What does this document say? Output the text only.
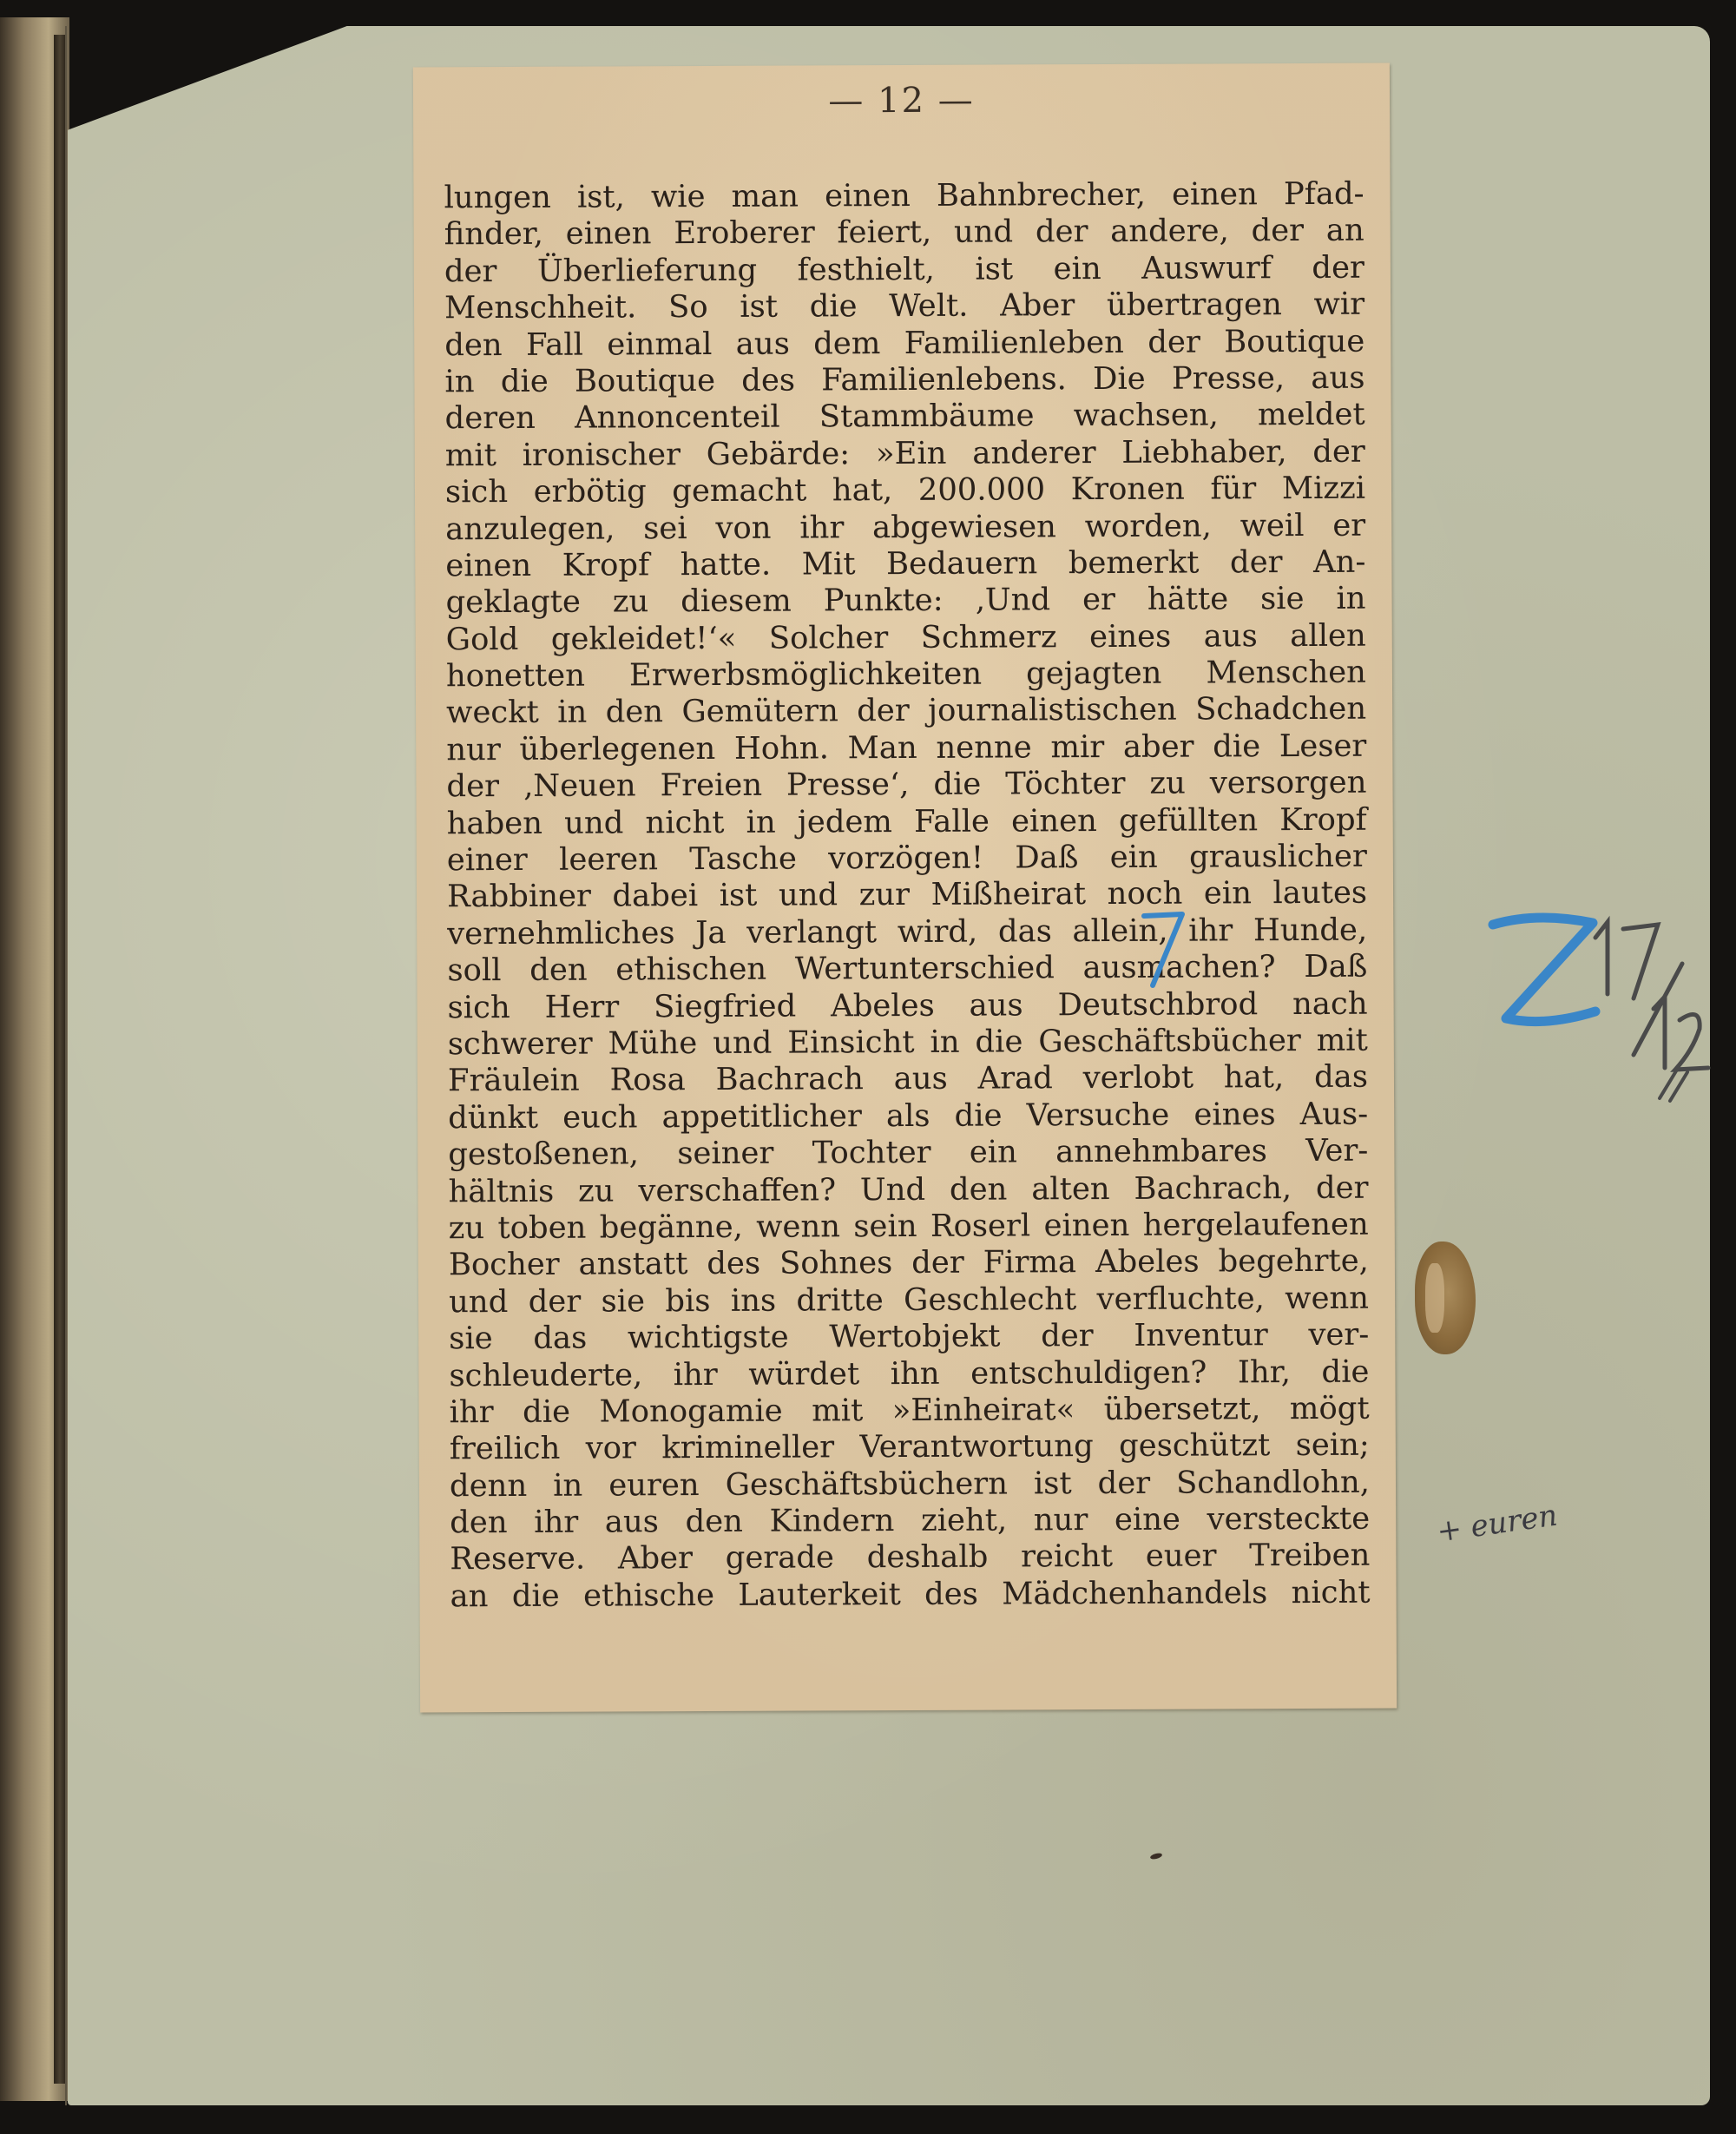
— 12 —
lungen ist, wie man einen Bahnbrecher, einen Pfad-
finder, einen Eroberer feiert, und der andere, der an
der Überlieferung festhielt, ist ein Auswurf der
Menschheit. So ist die Welt. Aber übertragen wir
den Fall einmal aus dem Familienleben der Boutique
in die Boutique des Familienlebens. Die Presse, aus
deren Annoncenteil Stammbäume wachsen, meldet
mit ironischer Gebärde: »Ein anderer Liebhaber, der
sich erbötig gemacht hat, 200.000 Kronen für Mizzi
anzulegen, sei von ihr abgewiesen worden, weil er
einen Kropf hatte. Mit Bedauern bemerkt der An-
geklagte zu diesem Punkte: ‚Und er hätte sie in
Gold gekleidet!‘« Solcher Schmerz eines aus allen
honetten Erwerbsmöglichkeiten gejagten Menschen
weckt in den Gemütern der journalistischen Schadchen
nur überlegenen Hohn. Man nenne mir aber die Leser
der ‚Neuen Freien Presse‘, die Töchter zu versorgen
haben und nicht in jedem Falle einen gefüllten Kropf
einer leeren Tasche vorzögen! Daß ein grauslicher
Rabbiner dabei ist und zur Mißheirat noch ein lautes
vernehmliches Ja verlangt wird, das allein, ihr Hunde,
soll den ethischen Wertunterschied ausmachen? Daß
sich Herr Siegfried Abeles aus Deutschbrod nach
schwerer Mühe und Einsicht in die Geschäftsbücher mit
Fräulein Rosa Bachrach aus Arad verlobt hat, das
dünkt euch appetitlicher als die Versuche eines Aus-
gestoßenen, seiner Tochter ein annehmbares Ver-
hältnis zu verschaffen? Und den alten Bachrach, der
zu toben begänne, wenn sein Roserl einen hergelaufenen
Bocher anstatt des Sohnes der Firma Abeles begehrte,
und der sie bis ins dritte Geschlecht verfluchte, wenn
sie das wichtigste Wertobjekt der Inventur ver-
schleuderte, ihr würdet ihn entschuldigen? Ihr, die
ihr die Monogamie mit »Einheirat« übersetzt, mögt
freilich vor krimineller Verantwortung geschützt sein;
denn in euren Geschäftsbüchern ist der Schandlohn,
den ihr aus den Kindern zieht, nur eine versteckte
Reserve. Aber gerade deshalb reicht euer Treiben
an die ethische Lauterkeit des Mädchenhandels nicht
+ euren
